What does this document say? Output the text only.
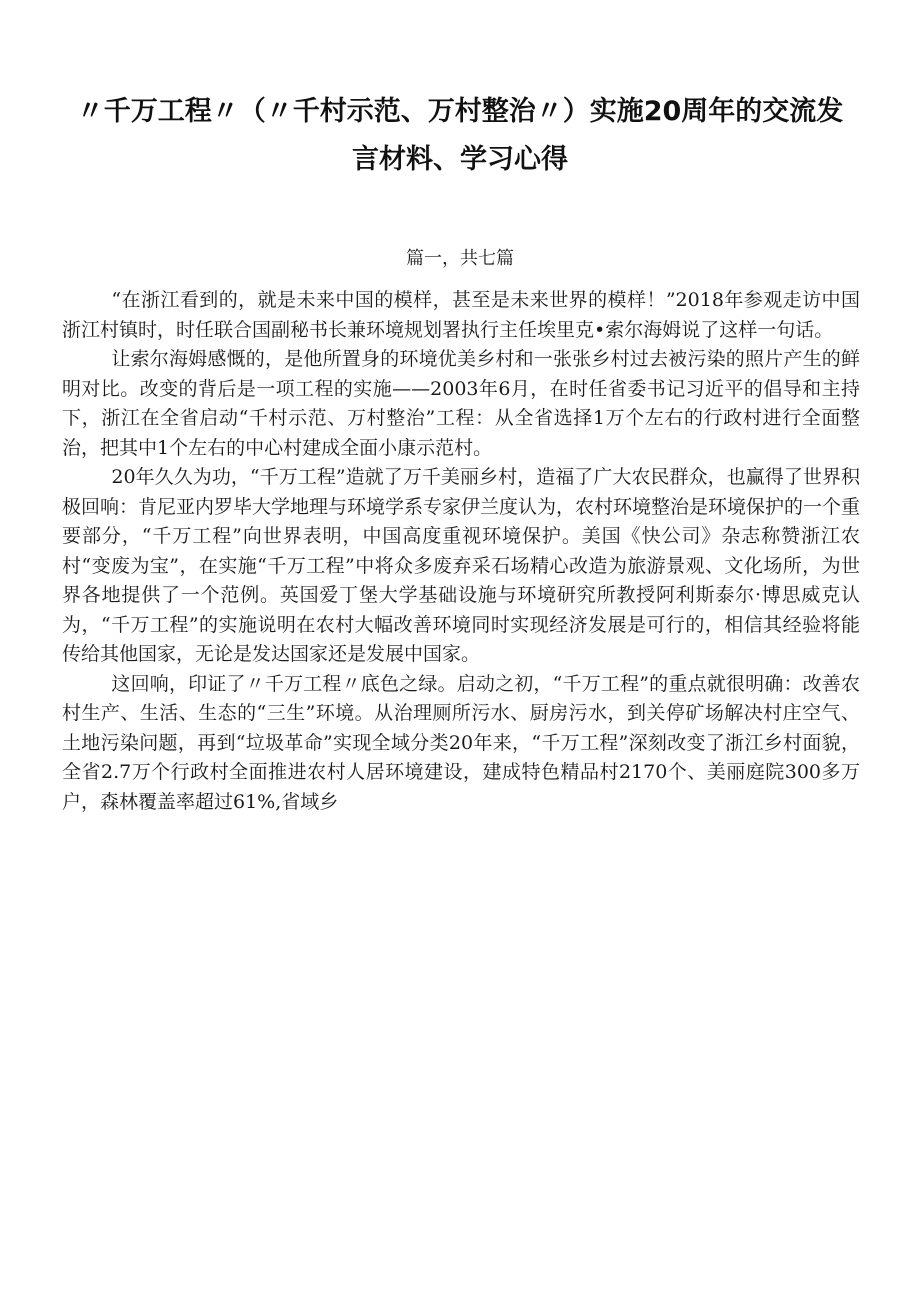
〃千万工程〃（〃千村示范、万村整治〃）实施20周年的交流发言材料、学习心得
篇一，共七篇

“在浙江看到的，就是未来中国的模样，甚至是未来世界的模样！”2018年参观走访中国浙江村镇时，时任联合国副秘书长兼环境规划署执行主任埃里克•索尔海姆说了这样一句话。

让索尔海姆感慨的，是他所置身的环境优美乡村和一张张乡村过去被污染的照片产生的鲜明对比。改变的背后是一项工程的实施——2003年6月，在时任省委书记习近平的倡导和主持下，浙江在全省启动“千村示范、万村整治”工程：从全省选择1万个左右的行政村进行全面整治，把其中1个左右的中心村建成全面小康示范村。

20年久久为功，“千万工程”造就了万千美丽乡村，造福了广大农民群众，也赢得了世界积极回响：肯尼亚内罗毕大学地理与环境学系专家伊兰度认为，农村环境整治是环境保护的一个重要部分，“千万工程”向世界表明，中国高度重视环境保护。美国《快公司》杂志称赞浙江农村“变废为宝”，在实施“千万工程”中将众多废弃采石场精心改造为旅游景观、文化场所，为世界各地提供了一个范例。英国爱丁堡大学基础设施与环境研究所教授阿利斯泰尔·博思威克认为，“千万工程”的实施说明在农村大幅改善环境同时实现经济发展是可行的，相信其经验将能传给其他国家，无论是发达国家还是发展中国家。

这回响，印证了〃千万工程〃底色之绿。启动之初，“千万工程”的重点就很明确：改善农村生产、生活、生态的“三生”环境。从治理厕所污水、厨房污水，到关停矿场解决村庄空气、土地污染问题，再到“垃圾革命”实现全域分类20年来，“千万工程”深刻改变了浙江乡村面貌，全省2.7万个行政村全面推进农村人居环境建设，建成特色精品村2170个、美丽庭院300多万户，森林覆盖率超过61%,省域乡
